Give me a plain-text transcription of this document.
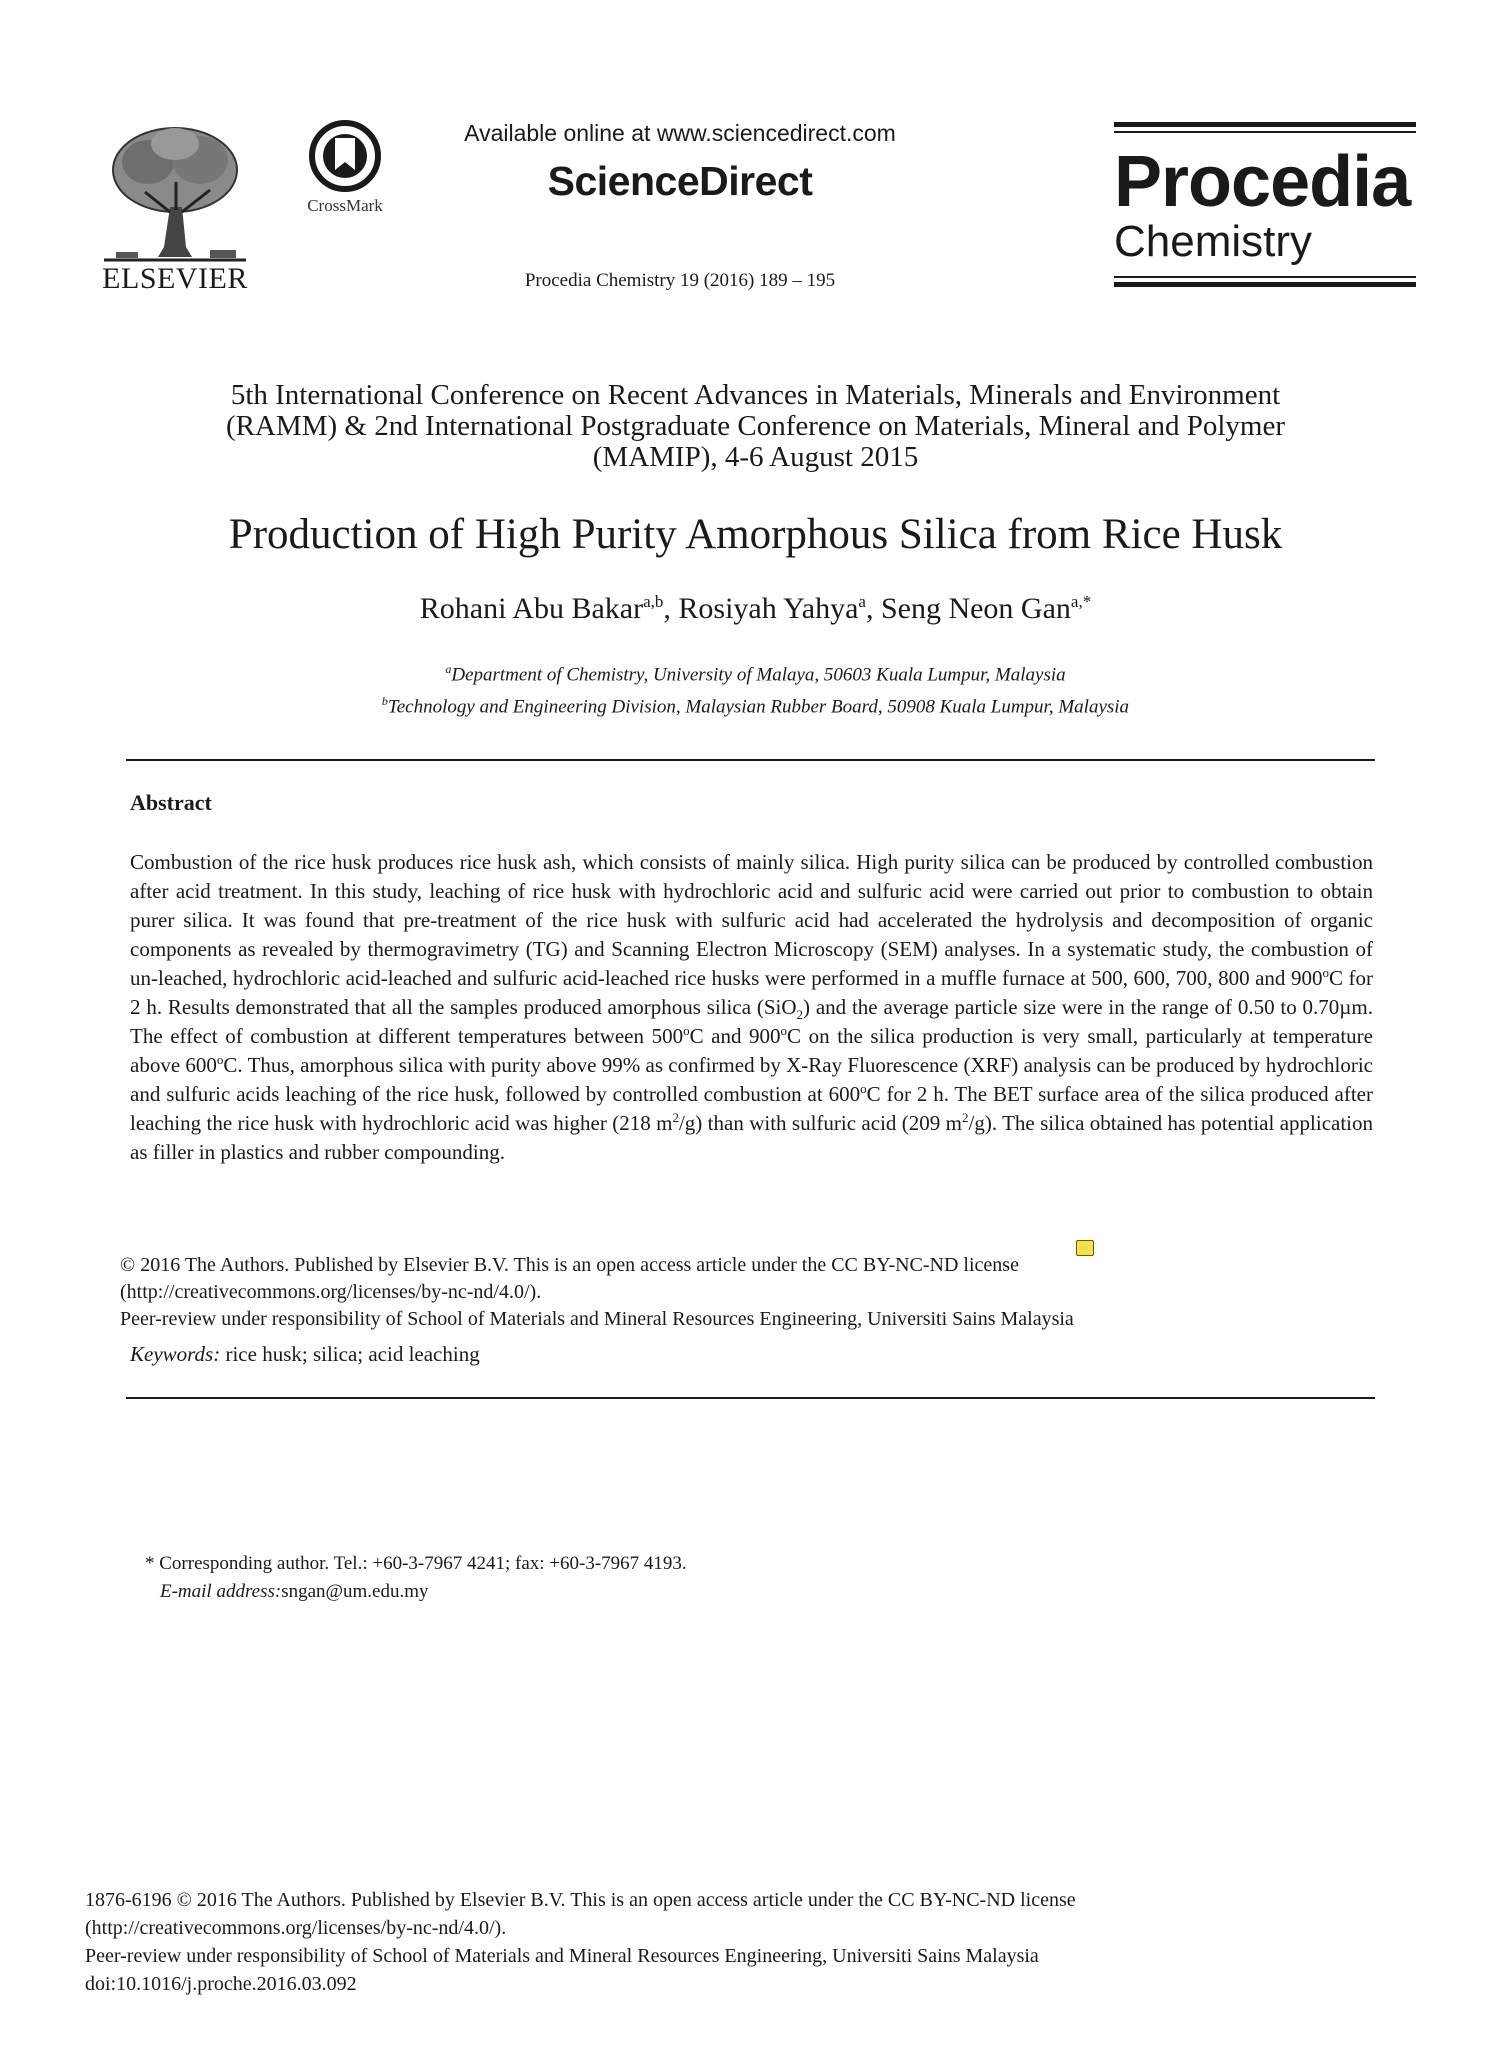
ELSEVIER
CrossMark
Available online at www.sciencedirect.com
ScienceDirect
Procedia Chemistry 19 (2016) 189 – 195
Procedia
Chemistry
5th International Conference on Recent Advances in Materials, Minerals and Environment
(RAMM) & 2nd International Postgraduate Conference on Materials, Mineral and Polymer
(MAMIP), 4-6 August 2015
Production of High Purity Amorphous Silica from Rice Husk
Rohani Abu Bakar$^{a,b}$, Rosiyah Yahya$^a$, Seng Neon Gan$^{a,*}$
$^a$Department of Chemistry, University of Malaya, 50603 Kuala Lumpur, Malaysia
$^b$Technology and Engineering Division, Malaysian Rubber Board, 50908 Kuala Lumpur, Malaysia
Abstract
Combustion of the rice husk produces rice husk ash, which consists of mainly silica. High purity silica can be produced by controlled combustion after acid treatment. In this study, leaching of rice husk with hydrochloric acid and sulfuric acid were carried out prior to combustion to obtain purer silica. It was found that pre-treatment of the rice husk with sulfuric acid had accelerated the hydrolysis and decomposition of organic components as revealed by thermogravimetry (TG) and Scanning Electron Microscopy (SEM) analyses. In a systematic study, the combustion of un-leached, hydrochloric acid-leached and sulfuric acid-leached rice husks were performed in a muffle furnace at 500, 600, 700, 800 and 900$^o$C for 2 h. Results demonstrated that all the samples produced amorphous silica (SiO$_2$) and the average particle size were in the range of 0.50 to 0.70µm. The effect of combustion at different temperatures between 500$^o$C and 900$^o$C on the silica production is very small, particularly at temperature above 600$^o$C. Thus, amorphous silica with purity above 99% as confirmed by X-Ray Fluorescence (XRF) analysis can be produced by hydrochloric and sulfuric acids leaching of the rice husk, followed by controlled combustion at 600$^o$C for 2 h. The BET surface area of the silica produced after leaching the rice husk with hydrochloric acid was higher (218 $m^2/g$) than with sulfuric acid (209 $m^2/g$). The silica obtained has potential application as filler in plastics and rubber compounding.
© 2016 The Authors. Published by Elsevier B.V. This is an open access article under the CC BY-NC-ND license
(http://creativecommons.org/licenses/by-nc-nd/4.0/).
Peer-review under responsibility of School of Materials and Mineral Resources Engineering, Universiti Sains Malaysia
Keywords: rice husk; silica; acid leaching
* Corresponding author. Tel.: +60-3-7967 4241; fax: +60-3-7967 4193.
E-mail address:sngan@um.edu.my
1876-6196 © 2016 The Authors. Published by Elsevier B.V. This is an open access article under the CC BY-NC-ND license
(http://creativecommons.org/licenses/by-nc-nd/4.0/).
Peer-review under responsibility of School of Materials and Mineral Resources Engineering, Universiti Sains Malaysia
doi:10.1016/j.proche.2016.03.092
